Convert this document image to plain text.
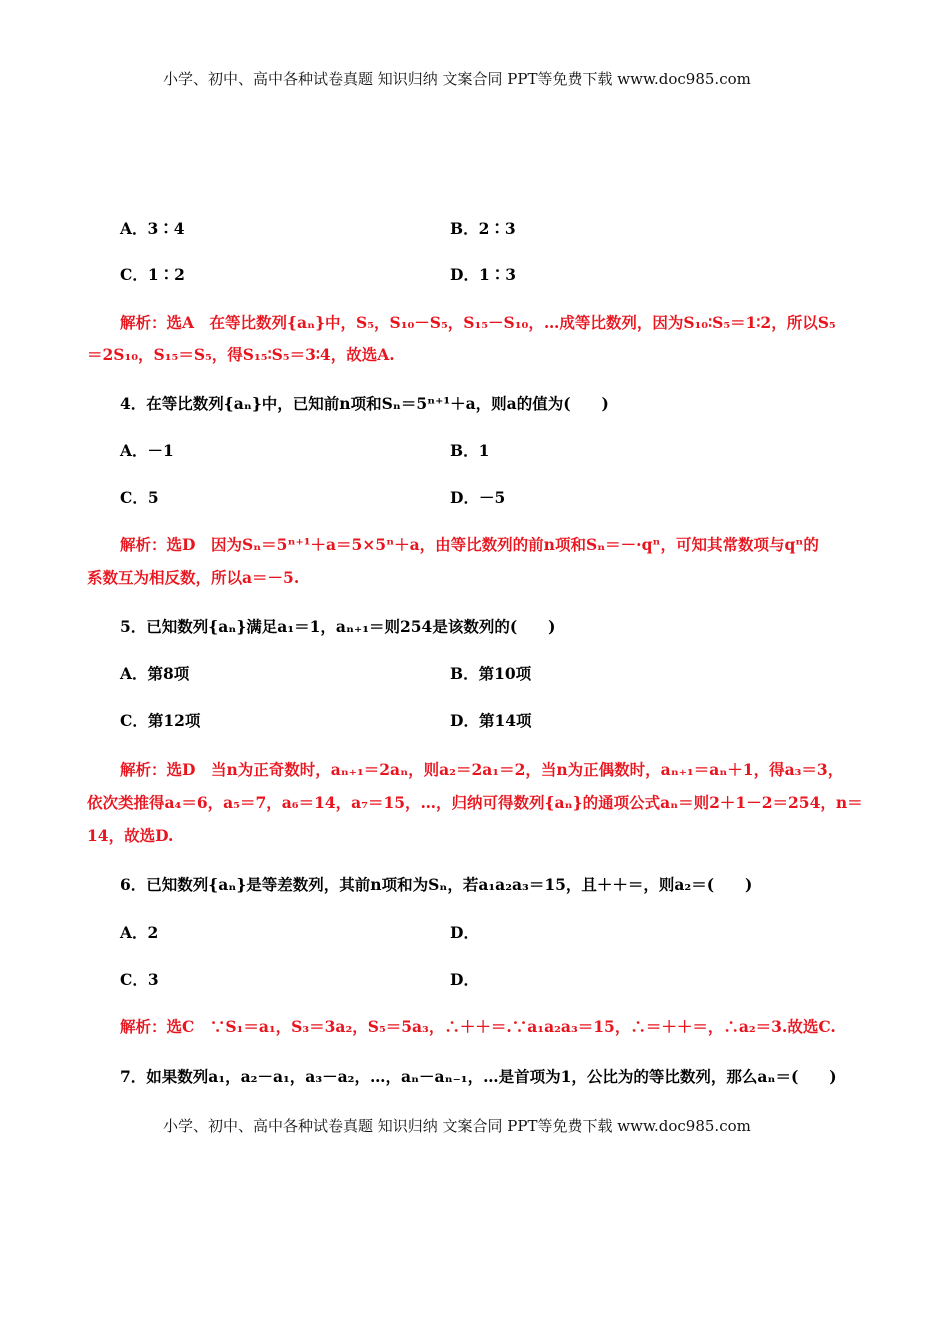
小学、初中、高中各种试卷真题 知识归纳 文案合同 PPT等免费下载 www.doc985.com
A．3∶4	B．2∶3
C．1∶2	D．1∶3
解析：选A　在等比数列{aₙ}中，S₅，S₁₀－S₅，S₁₅－S₁₀，…成等比数列，因为S₁₀∶S₅＝1∶2，所以S₅
＝2S₁₀，S₁₅＝S₅，得S₁₅∶S₅＝3∶4，故选A.
4．在等比数列{aₙ}中，已知前n项和Sₙ＝5ⁿ⁺¹＋a，则a的值为(　　)
A．－1	B．1
C．5	D．－5
解析：选D　因为Sₙ＝5ⁿ⁺¹＋a＝5×5ⁿ＋a，由等比数列的前n项和Sₙ＝－·qⁿ，可知其常数项与qⁿ的
系数互为相反数，所以a＝－5.
5．已知数列{aₙ}满足a₁＝1，aₙ₊₁＝则254是该数列的(　　)
A．第8项	B．第10项
C．第12项	D．第14项
解析：选D　当n为正奇数时，aₙ₊₁＝2aₙ，则a₂＝2a₁＝2，当n为正偶数时，aₙ₊₁＝aₙ＋1，得a₃＝3，
依次类推得a₄＝6，a₅＝7，a₆＝14，a₇＝15，…，归纳可得数列{aₙ}的通项公式aₙ＝则2＋1－2＝254，n＝
14，故选D.
6．已知数列{aₙ}是等差数列，其前n项和为Sₙ，若a₁a₂a₃＝15，且＋＋＝，则a₂＝(　　)
A．2	D．
C．3	D．
解析：选C　∵S₁＝a₁，S₃＝3a₂，S₅＝5a₃，∴＋＋＝.∵a₁a₂a₃＝15，∴＝＋＋＝，∴a₂＝3.故选C.
7．如果数列a₁，a₂－a₁，a₃－a₂，…，aₙ－aₙ₋₁，…是首项为1，公比为的等比数列，那么aₙ＝(　　)
小学、初中、高中各种试卷真题 知识归纳 文案合同 PPT等免费下载 www.doc985.com
